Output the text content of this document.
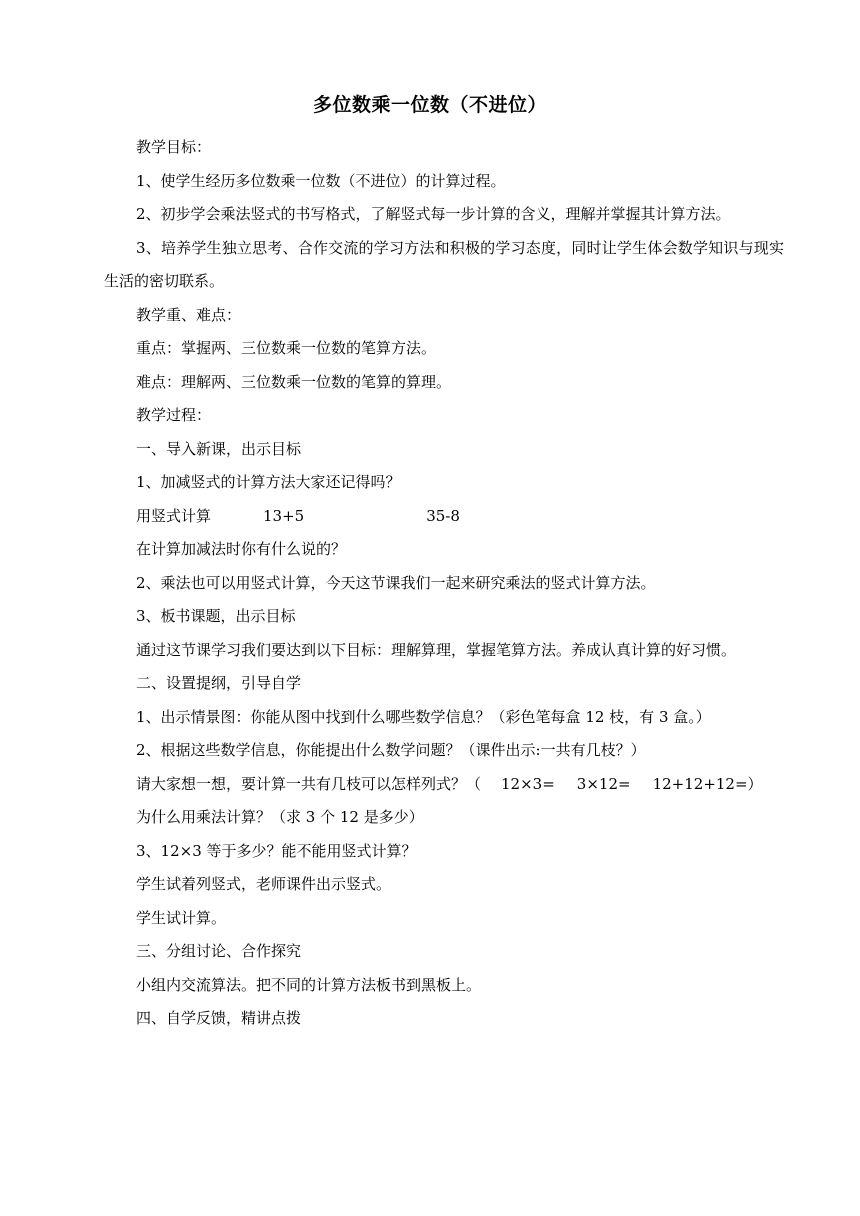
多位数乘一位数（不进位）

教学目标：

1、使学生经历多位数乘一位数（不进位）的计算过程。

2、初步学会乘法竖式的书写格式，了解竖式每一步计算的含义，理解并掌握其计算方法。

3、培养学生独立思考、合作交流的学习方法和积极的学习态度，同时让学生体会数学知识与现实生活的密切联系。

教学重、难点：

重点：掌握两、三位数乘一位数的笔算方法。

难点：理解两、三位数乘一位数的笔算的算理。

教学过程：

一、导入新课，出示目标

1、加减竖式的计算方法大家还记得吗？

用竖式计算	13+5	35-8

在计算加减法时你有什么说的？

2、乘法也可以用竖式计算，今天这节课我们一起来研究乘法的竖式计算方法。

3、板书课题，出示目标

通过这节课学习我们要达到以下目标：理解算理，掌握笔算方法。养成认真计算的好习惯。

二、设置提纲，引导自学

1、出示情景图：你能从图中找到什么哪些数学信息？（彩色笔每盒 12 枝，有 3 盒。）

2、根据这些数学信息，你能提出什么数学问题？（课件出示:一共有几枝？）

请大家想一想，要计算一共有几枝可以怎样列式？（ 12×3= 3×12= 12+12+12=）

为什么用乘法计算？（求 3 个 12 是多少）

3、12×3 等于多少？能不能用竖式计算？

学生试着列竖式，老师课件出示竖式。

学生试计算。

三、分组讨论、合作探究

小组内交流算法。把不同的计算方法板书到黑板上。

四、自学反馈，精讲点拨
